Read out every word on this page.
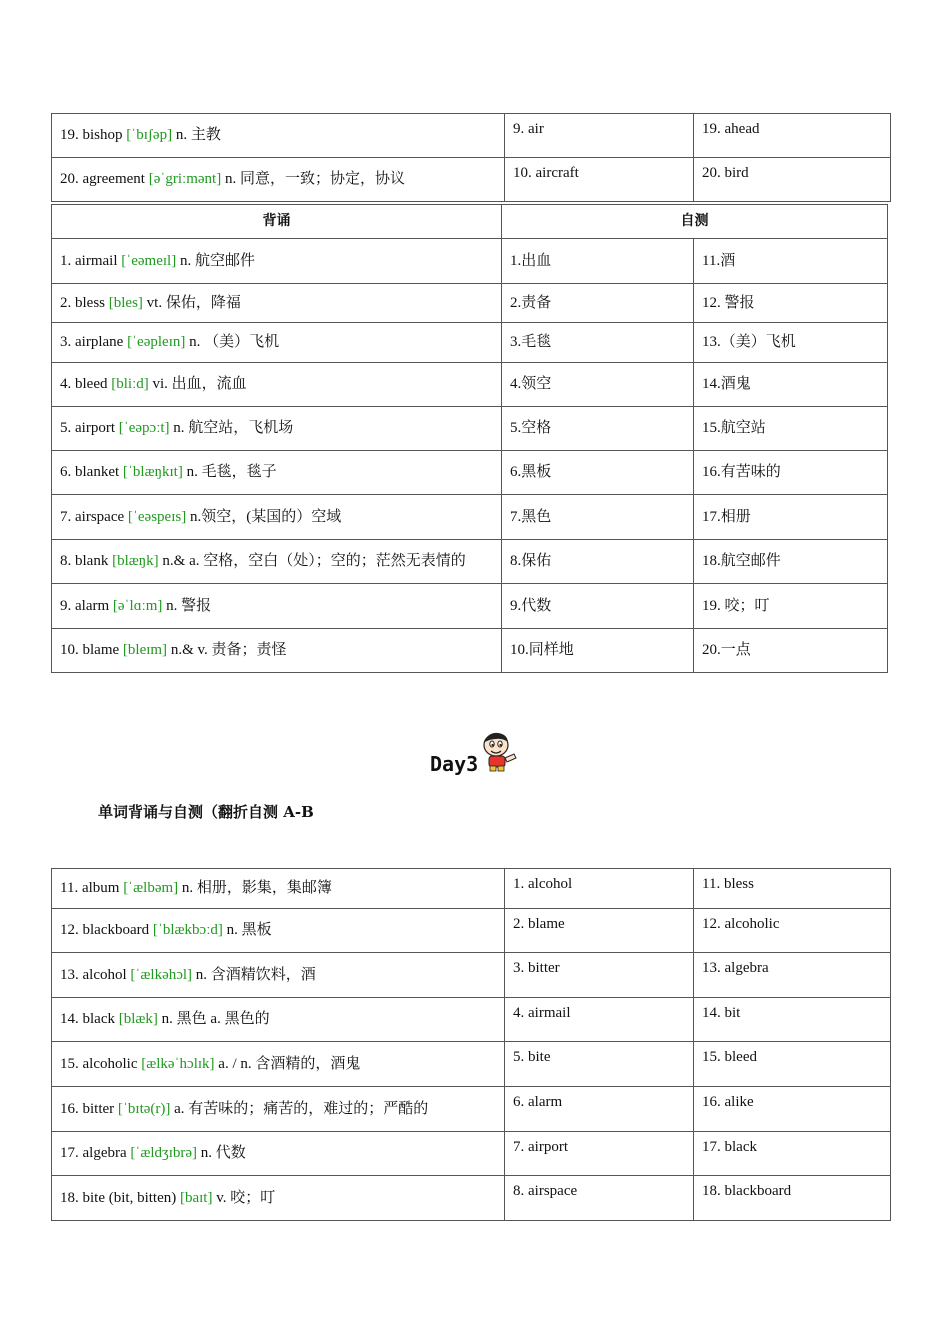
19. bishop [ˈbɪʃəp] n. 主教	9. air	19. ahead
20. agreement [əˈgriːmənt] n. 同意，一致；协定，协议	10. aircraft	20. bird
背诵	自测	
1. airmail [ˈeəmeɪl] n. 航空邮件	1.出血	11.酒
2. bless [bles] vt. 保佑，降福	2.责备	12. 警报
3. airplane [ˈeəpleɪn] n. （美）飞机	3.毛毯	13.（美）飞机
4. bleed [bliːd] vi. 出血，流血	4.领空	14.酒鬼
5. airport [ˈeəpɔːt] n. 航空站，飞机场	5.空格	15.航空站
6. blanket [ˈblæŋkɪt] n. 毛毯，毯子	6.黑板	16.有苦味的
7. airspace [ˈeəspeɪs] n.领空，(某国的）空域	7.黑色	17.相册
8. blank [blæŋk] n.& a. 空格，空白（处）；空的；茫然无表情的	8.保佑	18.航空邮件
9. alarm [əˈlɑːm] n. 警报	9.代数	19. 咬；叮
10. blame [bleɪm] n.& v. 责备；责怪	10.同样地	20.一点
Day3
单词背诵与自测（翻折自测 A-B
11. album [ˈælbəm] n. 相册，影集，集邮簿	1. alcohol	11. bless
12. blackboard [ˈblækbɔːd] n. 黑板	2. blame	12. alcoholic
13. alcohol [ˈælkəhɔl] n. 含酒精饮料，酒	3. bitter	13. algebra
14. black [blæk] n. 黑色 a. 黑色的	4. airmail	14. bit
15. alcoholic [ælkəˈhɔlɪk] a. / n. 含酒精的，酒鬼	5. bite	15. bleed
16. bitter [ˈbɪtə(r)] a. 有苦味的；痛苦的，难过的；严酷的	6. alarm	16. alike
17. algebra [ˈældʒɪbrə] n. 代数	7. airport	17. black
18. bite (bit, bitten) [baɪt] v. 咬；叮	8. airspace	18. blackboard
